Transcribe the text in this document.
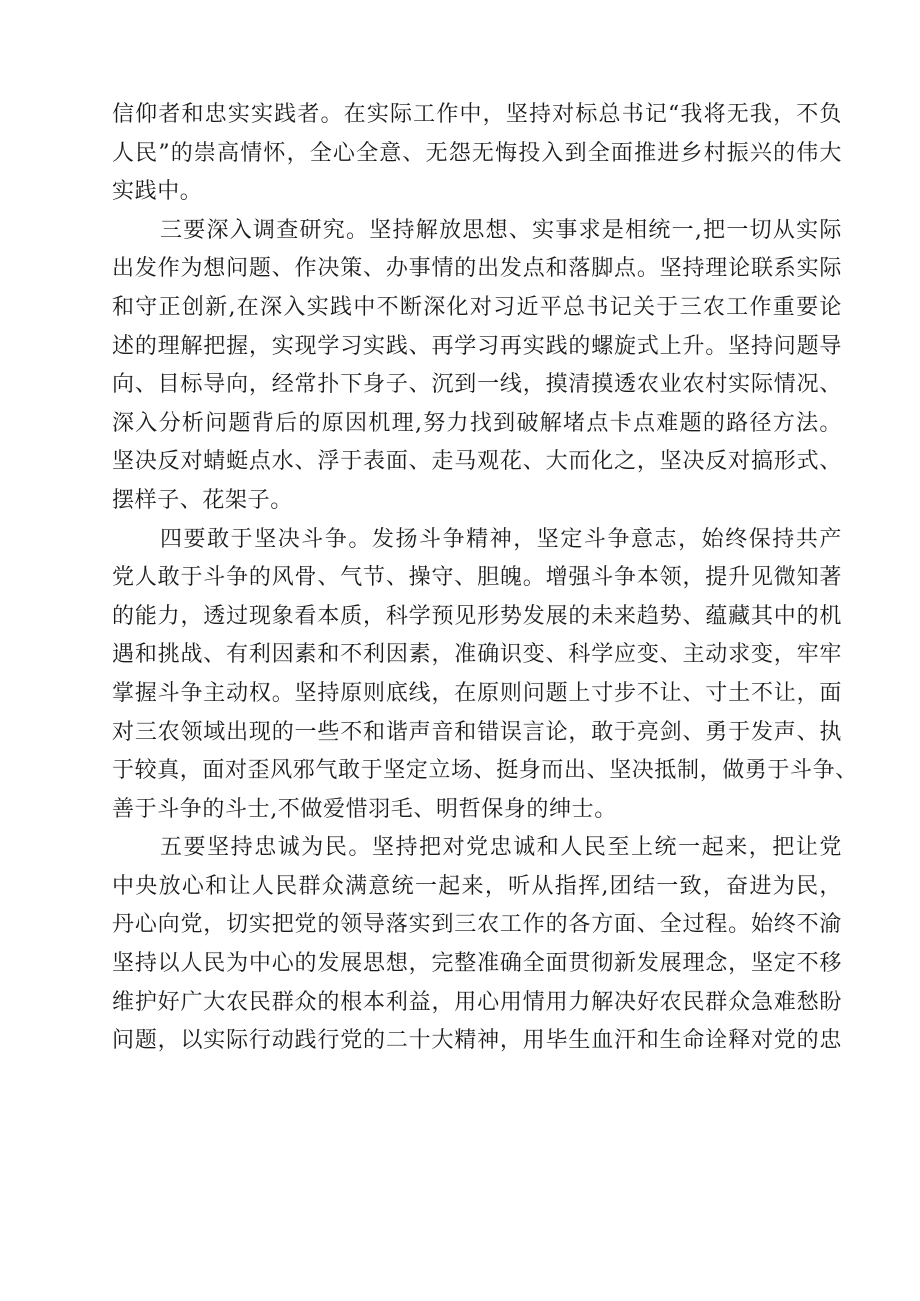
信仰者和忠实实践者。在实际工作中，坚持对标总书记“我将无我，不负
人民”的崇高情怀，全心全意、无怨无悔投入到全面推进乡村振兴的伟大
实践中。
三要深入调查研究。坚持解放思想、实事求是相统一,把一切从实际
出发作为想问题、作决策、办事情的出发点和落脚点。坚持理论联系实际
和守正创新,在深入实践中不断深化对习近平总书记关于三农工作重要论
述的理解把握，实现学习实践、再学习再实践的螺旋式上升。坚持问题导
向、目标导向，经常扑下身子、沉到一线，摸清摸透农业农村实际情况、
深入分析问题背后的原因机理,努力找到破解堵点卡点难题的路径方法。
坚决反对蜻蜓点水、浮于表面、走马观花、大而化之，坚决反对搞形式、
摆样子、花架子。
四要敢于坚决斗争。发扬斗争精神，坚定斗争意志，始终保持共产
党人敢于斗争的风骨、气节、操守、胆魄。增强斗争本领，提升见微知著
的能力，透过现象看本质，科学预见形势发展的未来趋势、蕴藏其中的机
遇和挑战、有利因素和不利因素，准确识变、科学应变、主动求变，牢牢
掌握斗争主动权。坚持原则底线，在原则问题上寸步不让、寸土不让，面
对三农领域出现的一些不和谐声音和错误言论，敢于亮剑、勇于发声、执
于较真，面对歪风邪气敢于坚定立场、挺身而出、坚决抵制，做勇于斗争、
善于斗争的斗士,不做爱惜羽毛、明哲保身的绅士。
五要坚持忠诚为民。坚持把对党忠诚和人民至上统一起来，把让党
中央放心和让人民群众满意统一起来，听从指挥,团结一致，奋进为民，
丹心向党，切实把党的领导落实到三农工作的各方面、全过程。始终不渝
坚持以人民为中心的发展思想，完整准确全面贯彻新发展理念，坚定不移
维护好广大农民群众的根本利益，用心用情用力解决好农民群众急难愁盼
问题，以实际行动践行党的二十大精神，用毕生血汗和生命诠释对党的忠
